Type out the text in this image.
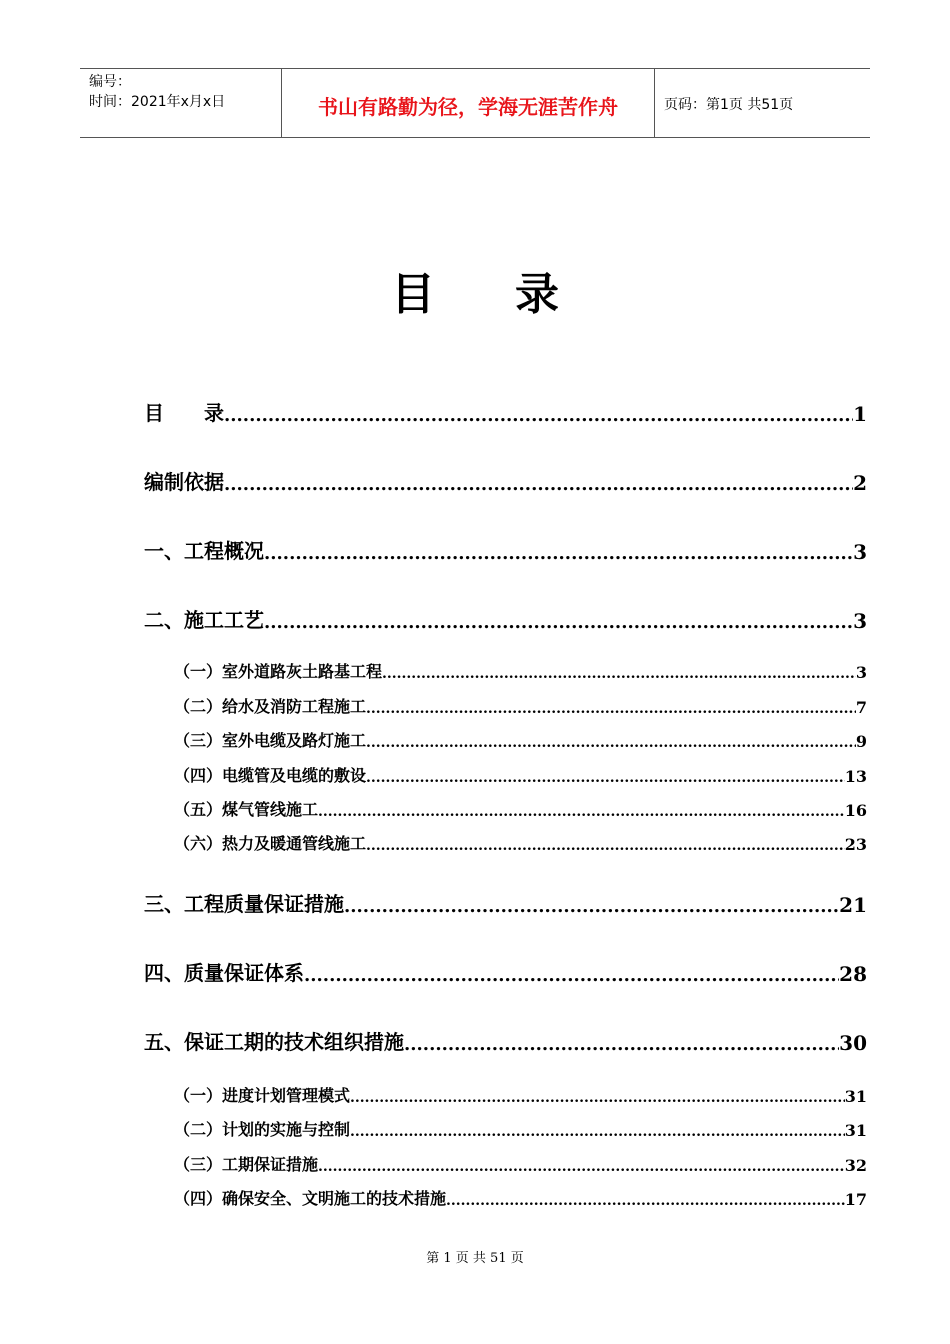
编号：
时间：2021年x月x日	书山有路勤为径，学海无涯苦作舟	页码：第1页 共51页
目录
目　　录 .....	1
编制依据 .....	2
一、工程概况 .....	3
二、施工工艺 .....	3
（一）室外道路灰土路基工程 .....	3
（二）给水及消防工程施工 .....	7
（三）室外电缆及路灯施工 .....	9
（四）电缆管及电缆的敷设 .....	13
（五）煤气管线施工 .....	16
（六）热力及暖通管线施工 .....	23
三、工程质量保证措施 .....	21
四、质量保证体系 .....	28
五、保证工期的技术组织措施 .....	30
（一）进度计划管理模式 .....	31
（二）计划的实施与控制 .....	31
（三）工期保证措施 .....	32
（四）确保安全、文明施工的技术措施 .....	17
第 1 页 共 51 页
